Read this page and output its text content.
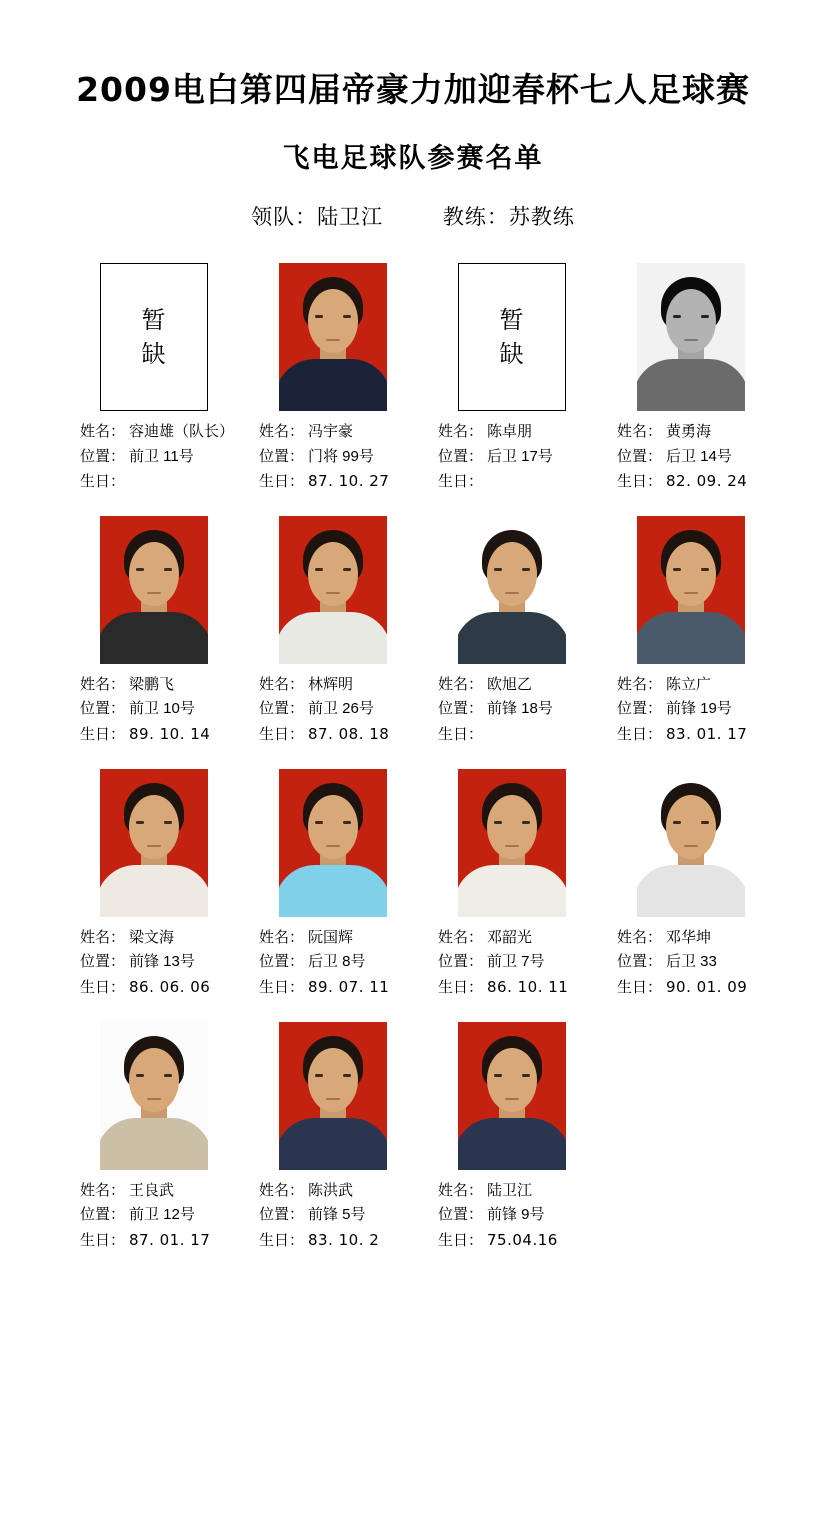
2009电白第四届帝豪力加迎春杯七人足球赛
飞电足球队参赛名单
领队：陆卫江	教练：苏教练
暂
缺
姓名： 容迪雄（队长）
位置： 前卫 11号
生日：
姓名： 冯宇豪
位置： 门将 99号
生日： 87. 10. 27
暂
缺
姓名： 陈卓朋
位置： 后卫 17号
生日：
姓名： 黄勇海
位置： 后卫 14号
生日： 82. 09. 24
姓名： 梁鹏飞
位置： 前卫 10号
生日： 89. 10. 14
姓名： 林辉明
位置： 前卫 26号
生日： 87. 08. 18
姓名： 欧旭乙
位置： 前锋 18号
生日：
姓名： 陈立广
位置： 前锋 19号
生日： 83. 01. 17
姓名： 梁文海
位置： 前锋 13号
生日： 86. 06. 06
姓名： 阮国辉
位置： 后卫 8号
生日： 89. 07. 11
姓名： 邓韶光
位置： 前卫 7号
生日： 86. 10. 11
姓名： 邓华坤
位置： 后卫 33
生日： 90. 01. 09
姓名： 王良武
位置： 前卫 12号
生日： 87. 01. 17
姓名： 陈洪武
位置： 前锋 5号
生日： 83. 10. 2
姓名： 陆卫江
位置： 前锋 9号
生日： 75.04.16
